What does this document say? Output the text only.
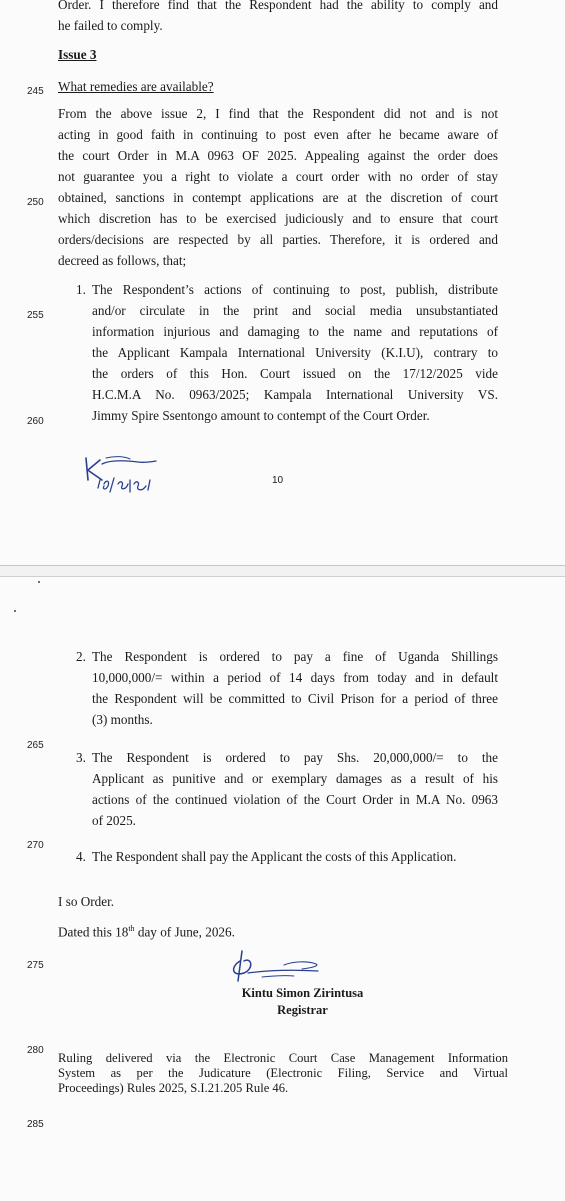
Order. I therefore find that the Respondent had the ability to comply and
he failed to comply.
Issue 3
245 What remedies are available?
From the above issue 2, I find that the Respondent did not and is not
acting in good faith in continuing to post even after he became aware of
the court Order in M.A 0963 OF 2025. Appealing against the order does
not guarantee you a right to violate a court order with no order of stay
obtained, sanctions in contempt applications are at the discretion of court
which discretion has to be exercised judiciously and to ensure that court
orders/decisions are respected by all parties. Therefore, it is ordered and
decreed as follows, that;
250
1. The Respondent’s actions of continuing to post, publish, distribute
and/or circulate in the print and social media unsubstantiated
information injurious and damaging to the name and reputations of
the Applicant Kampala International University (K.I.U), contrary to
the orders of this Hon. Court issued on the 17/12/2025 vide
H.C.M.A No. 0963/2025; Kampala International University VS.
Jimmy Spire Ssentongo amount to contempt of the Court Order.
255
260
10
2. The Respondent is ordered to pay a fine of Uganda Shillings
10,000,000/= within a period of 14 days from today and in default
the Respondent will be committed to Civil Prison for a period of three
(3) months.
265
3. The Respondent is ordered to pay Shs. 20,000,000/= to the
Applicant as punitive and or exemplary damages as a result of his
actions of the continued violation of the Court Order in M.A No. 0963
of 2025.
270
4. The Respondent shall pay the Applicant the costs of this Application.
I so Order.
Dated this 18th day of June, 2026.
275
Kintu Simon Zirintusa
Registrar
280
Ruling delivered via the Electronic Court Case Management Information
System as per the Judicature (Electronic Filing, Service and Virtual
Proceedings) Rules 2025, S.I.21.205 Rule 46.
285
